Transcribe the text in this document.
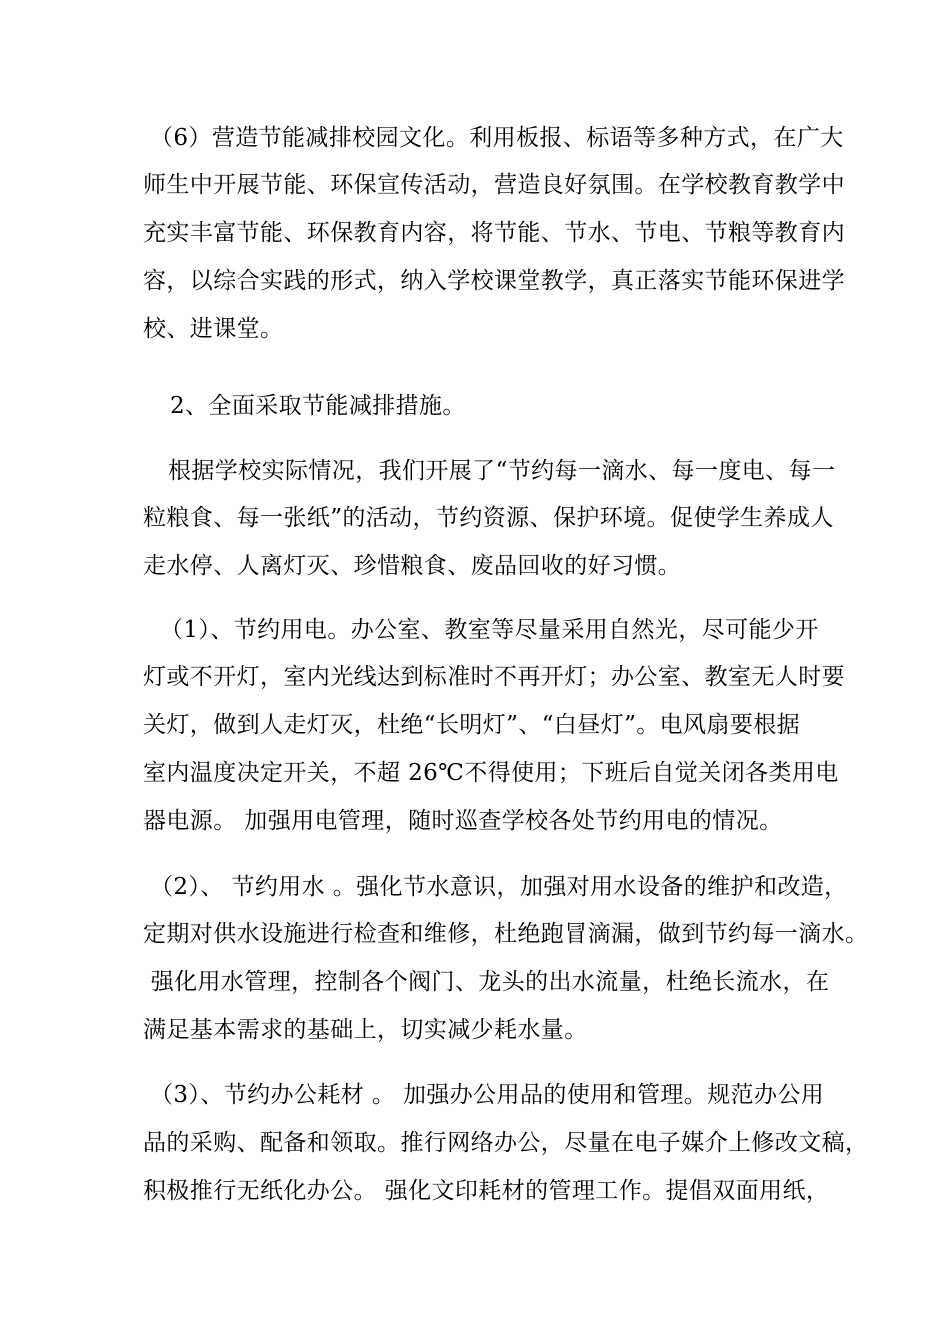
（6）营造节能减排校园文化。利用板报、标语等多种方式，在广大
师生中开展节能、环保宣传活动，营造良好氛围。在学校教育教学中
充实丰富节能、环保教育内容，将节能、节水、节电、节粮等教育内
容，以综合实践的形式，纳入学校课堂教学，真正落实节能环保进学
校、进课堂。
2、全面采取节能减排措施。
根据学校实际情况，我们开展了“节约每一滴水、每一度电、每一
粒粮食、每一张纸”的活动，节约资源、保护环境。促使学生养成人
走水停、人离灯灭、珍惜粮食、废品回收的好习惯。
（1）、节约用电。办公室、教室等尽量采用自然光，尽可能少开
灯或不开灯，室内光线达到标准时不再开灯；办公室、教室无人时要
关灯，做到人走灯灭，杜绝“长明灯”、“白昼灯”。电风扇要根据
室内温度决定开关，不超 26℃不得使用；下班后自觉关闭各类用电
器电源。 加强用电管理，随时巡查学校各处节约用电的情况。
（2）、 节约用水 。强化节水意识，加强对用水设备的维护和改造，
定期对供水设施进行检查和维修，杜绝跑冒滴漏，做到节约每一滴水。
强化用水管理，控制各个阀门、龙头的出水流量，杜绝长流水，在
满足基本需求的基础上，切实减少耗水量。
（3）、节约办公耗材 。 加强办公用品的使用和管理。规范办公用
品的采购、配备和领取。推行网络办公，尽量在电子媒介上修改文稿，
积极推行无纸化办公。 强化文印耗材的管理工作。提倡双面用纸，
